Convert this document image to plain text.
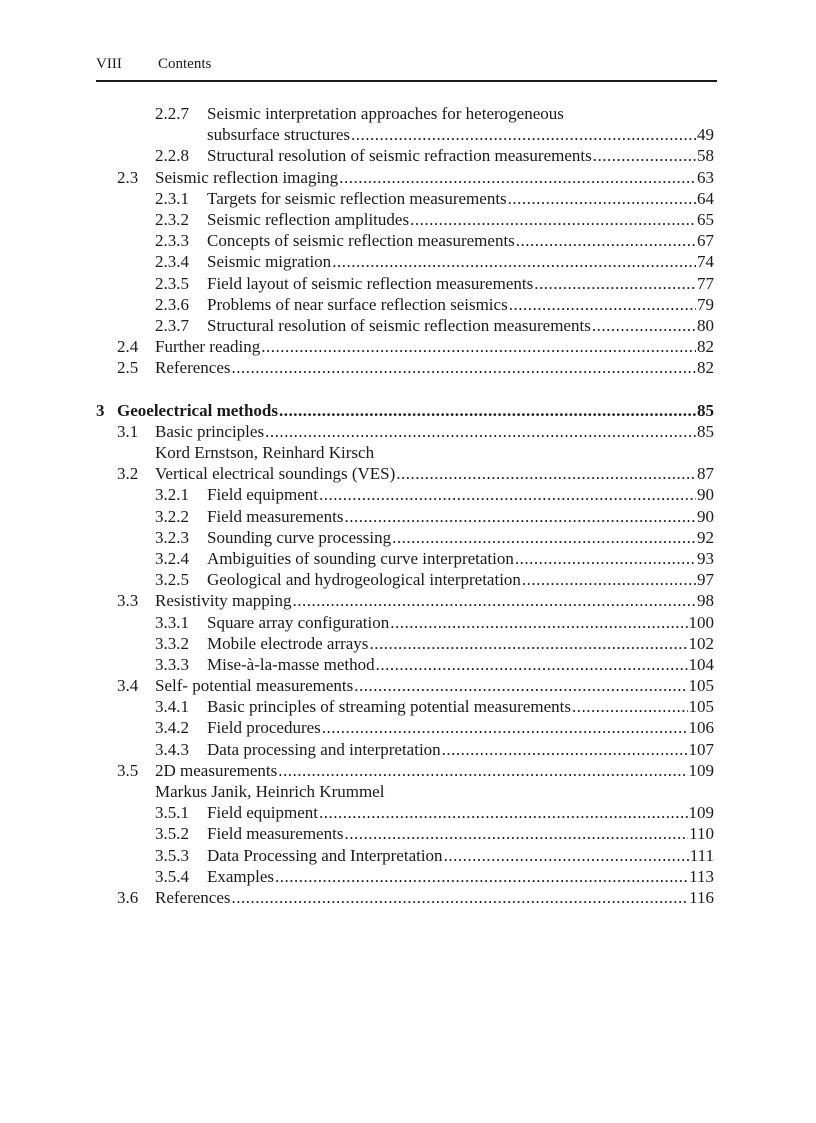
VIII Contents
2.2.7 Seismic interpretation approaches for heterogeneous
subsurface structures .....	49
2.2.8 Structural resolution of seismic refraction measurements .....	58
2.3 Seismic reflection imaging .....	63
2.3.1 Targets for seismic reflection measurements .....	64
2.3.2 Seismic reflection amplitudes .....	65
2.3.3 Concepts of seismic reflection measurements .....	67
2.3.4 Seismic migration .....	74
2.3.5 Field layout of seismic reflection measurements .....	77
2.3.6 Problems of near surface reflection seismics .....	79
2.3.7 Structural resolution of seismic reflection measurements .....	80
2.4 Further reading .....	82
2.5 References .....	82
3 Geoelectrical methods .....	85
3.1 Basic principles .....	85
Kord Ernstson, Reinhard Kirsch
3.2 Vertical electrical soundings (VES) .....	87
3.2.1 Field equipment .....	90
3.2.2 Field measurements .....	90
3.2.3 Sounding curve processing .....	92
3.2.4 Ambiguities of sounding curve interpretation .....	93
3.2.5 Geological and hydrogeological interpretation .....	97
3.3 Resistivity mapping .....	98
3.3.1 Square array configuration .....	100
3.3.2 Mobile electrode arrays .....	102
3.3.3 Mise-à-la-masse method .....	104
3.4 Self- potential measurements .....	105
3.4.1 Basic principles of streaming potential measurements .....	105
3.4.2 Field procedures .....	106
3.4.3 Data processing and interpretation .....	107
3.5 2D measurements .....	109
Markus Janik, Heinrich Krummel
3.5.1 Field equipment .....	109
3.5.2 Field measurements .....	110
3.5.3 Data Processing and Interpretation .....	111
3.5.4 Examples .....	113
3.6 References .....	116
